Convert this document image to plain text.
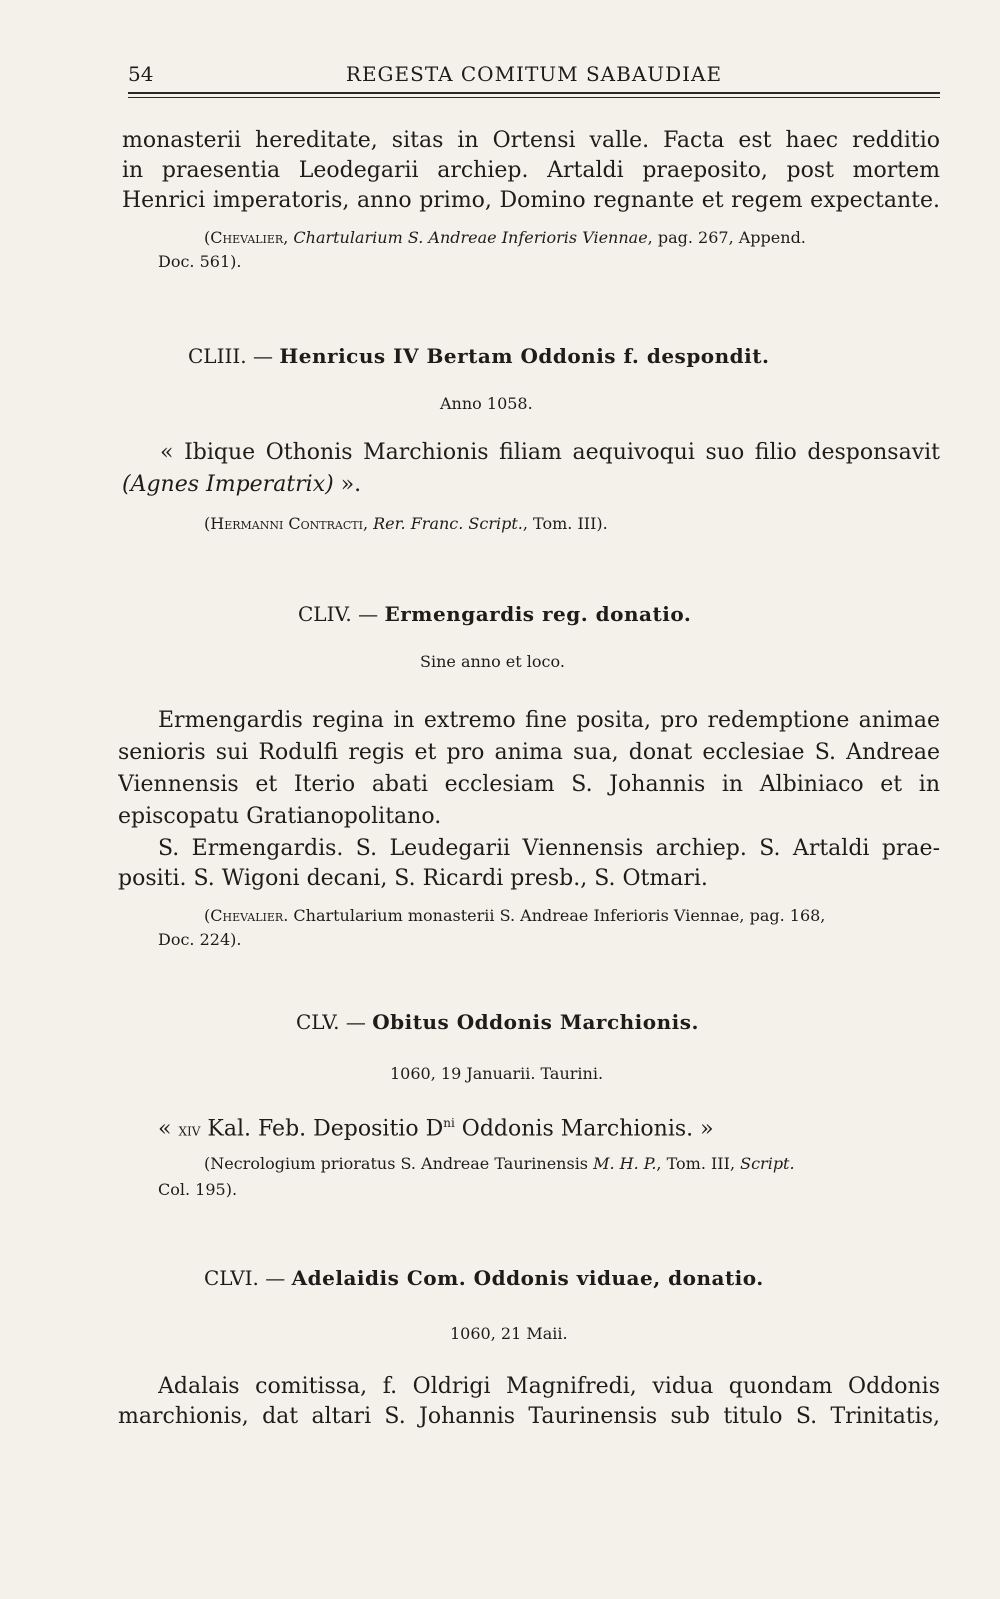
54	REGESTA COMITUM SABAUDIAE
monasterii hereditate, sitas in Ortensi valle. Facta est haec redditio
in praesentia Leodegarii archiep. Artaldi praeposito, post mortem
Henrici imperatoris, anno primo, Domino regnante et regem expectante.
(Chevalier, Chartularium S. Andreae Inferioris Viennae, pag. 267, Append.
Doc. 561).
CLIII. — Henricus IV Bertam Oddonis f. despondit.
Anno 1058.
« Ibique Othonis Marchionis filiam aequivoqui suo filio desponsavit
(Agnes Imperatrix) ».
(Hermanni Contracti, Rer. Franc. Script., Tom. III).
CLIV. — Ermengardis reg. donatio.
Sine anno et loco.
Ermengardis regina in extremo fine posita, pro redemptione animae
senioris sui Rodulfi regis et pro anima sua, donat ecclesiae S. Andreae
Viennensis et Iterio abati ecclesiam S. Johannis in Albiniaco et in
episcopatu Gratianopolitano.
S. Ermengardis. S. Leudegarii Viennensis archiep. S. Artaldi prae-
positi. S. Wigoni decani, S. Ricardi presb., S. Otmari.
(Chevalier. Chartularium monasterii S. Andreae Inferioris Viennae, pag. 168,
Doc. 224).
CLV. — Obitus Oddonis Marchionis.
1060, 19 Januarii. Taurini.
« xiv Kal. Feb. Depositio $D^{ni}$ Oddonis Marchionis. »
(Necrologium prioratus S. Andreae Taurinensis M. H. P., Tom. III, Script.
Col. 195).
CLVI. — Adelaidis Com. Oddonis viduae, donatio.
1060, 21 Maii.
Adalais comitissa, f. Oldrigi Magnifredi, vidua quondam Oddonis
marchionis, dat altari S. Johannis Taurinensis sub titulo S. Trinitatis,
